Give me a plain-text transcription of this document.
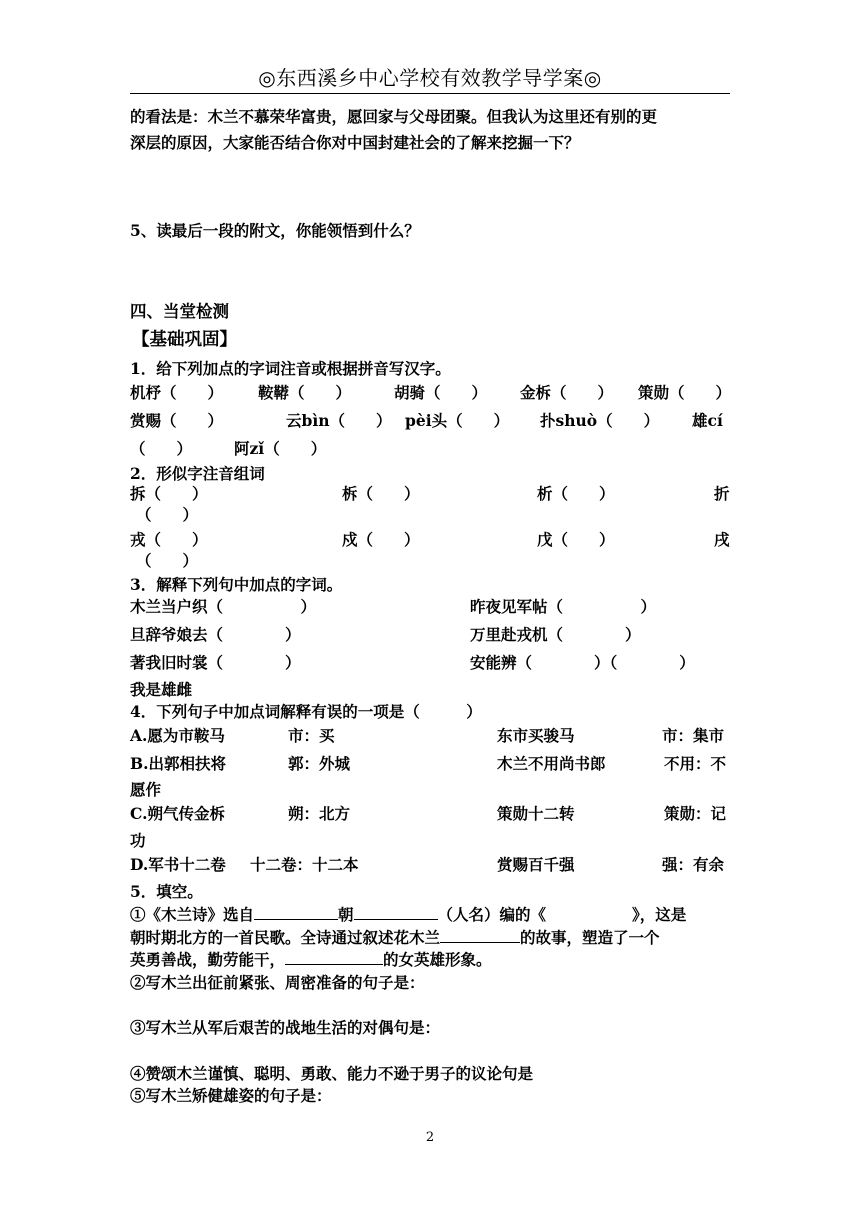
◎东西溪乡中心学校有效教学导学案◎
的看法是：木兰不慕荣华富贵，愿回家与父母团聚。但我认为这里还有别的更
深层的原因，大家能否结合你对中国封建社会的了解来挖掘一下？
5、读最后一段的附文，你能领悟到什么？
四、当堂检测
【基础巩固】
1．给下列加点的字词注音或根据拼音写汉字。
机杼（　　） 鞍鞯（　　）	胡骑（　　） 金柝（　　） 策勋（　　）
赏赐（　　）	云bìn（　　） pèi头（　　） 扑shuò（　　） 雄cí
（　　）	阿zǐ（　　）
2．形似字注音组词
拆（　　）	柝（　　）	析（　　）	折
（　　）
戎（　　）	戍（　　）	戊（　　）	戌
（　　）
3．解释下列句中加点的字词。
木兰当户织（　　　　　）	昨夜见军帖（　　　　　）
旦辞爷娘去（　　　　）	万里赴戎机（　　　　）
著我旧时裳（　　　　）	安能辨（　　　　）（　　　　）
我是雄雌
4．下列句子中加点词解释有误的一项是（　　　）
A.愿为市鞍马	市：买	东市买骏马	市：集市
B.出郭相扶将	郭：外城	木兰不用尚书郎	不用：不
愿作
C.朔气传金柝	朔：北方	策勋十二转	策勋：记
功
D.军书十二卷 十二卷：十二本	赏赐百千强	强：有余
5．填空。
①《木兰诗》选自	朝	（人名）编的《	》，这是
朝时期北方的一首民歌。全诗通过叙述花木兰	的故事，塑造了一个
英勇善战，勤劳能干，	的女英雄形象。
②写木兰出征前紧张、周密准备的句子是：
③写木兰从军后艰苦的战地生活的对偶句是：
④赞颂木兰谨慎、聪明、勇敢、能力不逊于男子的议论句是
⑤写木兰矫健雄姿的句子是：
2
